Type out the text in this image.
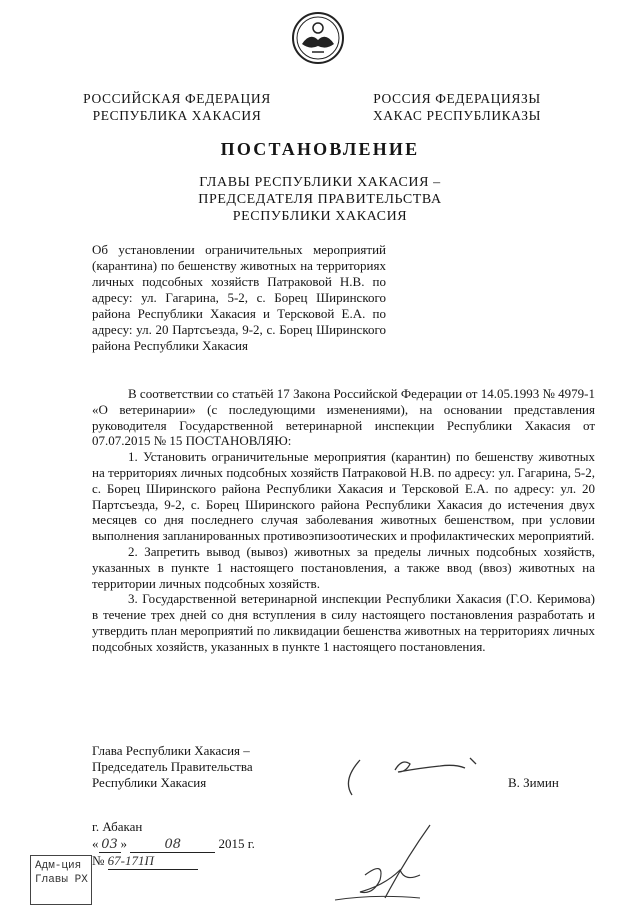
РОССИЙСКАЯ ФЕДЕРАЦИЯ
РЕСПУБЛИКА ХАКАСИЯ
РОССИЯ ФЕДЕРАЦИЯЗЫ
ХАКАС РЕСПУБЛИКАЗЫ
ПОСТАНОВЛЕНИЕ
ГЛАВЫ РЕСПУБЛИКИ ХАКАСИЯ –
ПРЕДСЕДАТЕЛЯ ПРАВИТЕЛЬСТВА
РЕСПУБЛИКИ ХАКАСИЯ
Об установлении ограничительных мероприятий (карантина) по бешенству животных на территориях личных подсобных хозяйств Патраковой Н.В. по адресу: ул. Гагарина, 5-2, с. Борец Ширинского района Республики Хакасия и Терсковой Е.А. по адресу: ул. 20 Партсъезда, 9-2, с. Борец Ширинского района Республики Хакасия

В соответствии со статьёй 17 Закона Российской Федерации от 14.05.1993 № 4979-1 «О ветеринарии» (с последующими изменениями), на основании представления руководителя Государственной ветеринарной инспекции Республики Хакасия от 07.07.2015 № 15 ПОСТАНОВЛЯЮ:

1. Установить ограничительные мероприятия (карантин) по бешенству животных на территориях личных подсобных хозяйств Патраковой Н.В. по адресу: ул. Гагарина, 5-2, с. Борец Ширинского района Республики Хакасия и Терсковой Е.А. по адресу: ул. 20 Партсъезда, 9-2, с. Борец Ширинского района Республики Хакасия до истечения двух месяцев со дня последнего случая заболевания животных бешенством, при условии выполнения запланированных противоэпизоотических и профилактических мероприятий.

2. Запретить вывод (вывоз) животных за пределы личных подсобных хозяйств, указанных в пункте 1 настоящего постановления, а также ввод (ввоз) животных на территории личных подсобных хозяйств.

3. Государственной ветеринарной инспекции Республики Хакасия (Г.О. Керимова) в течение трех дней со дня вступления в силу настоящего постановления разработать и утвердить план мероприятий по ликвидации бешенства животных на территориях личных подсобных хозяйств, указанных в пункте 1 настоящего постановления.

Глава Республики Хакасия –
Председатель Правительства
Республики Хакасия	В. Зимин
г. Абакан
« 03 »	08	2015 г.
№ 67-171П
Адм-ция
Главы РХ
